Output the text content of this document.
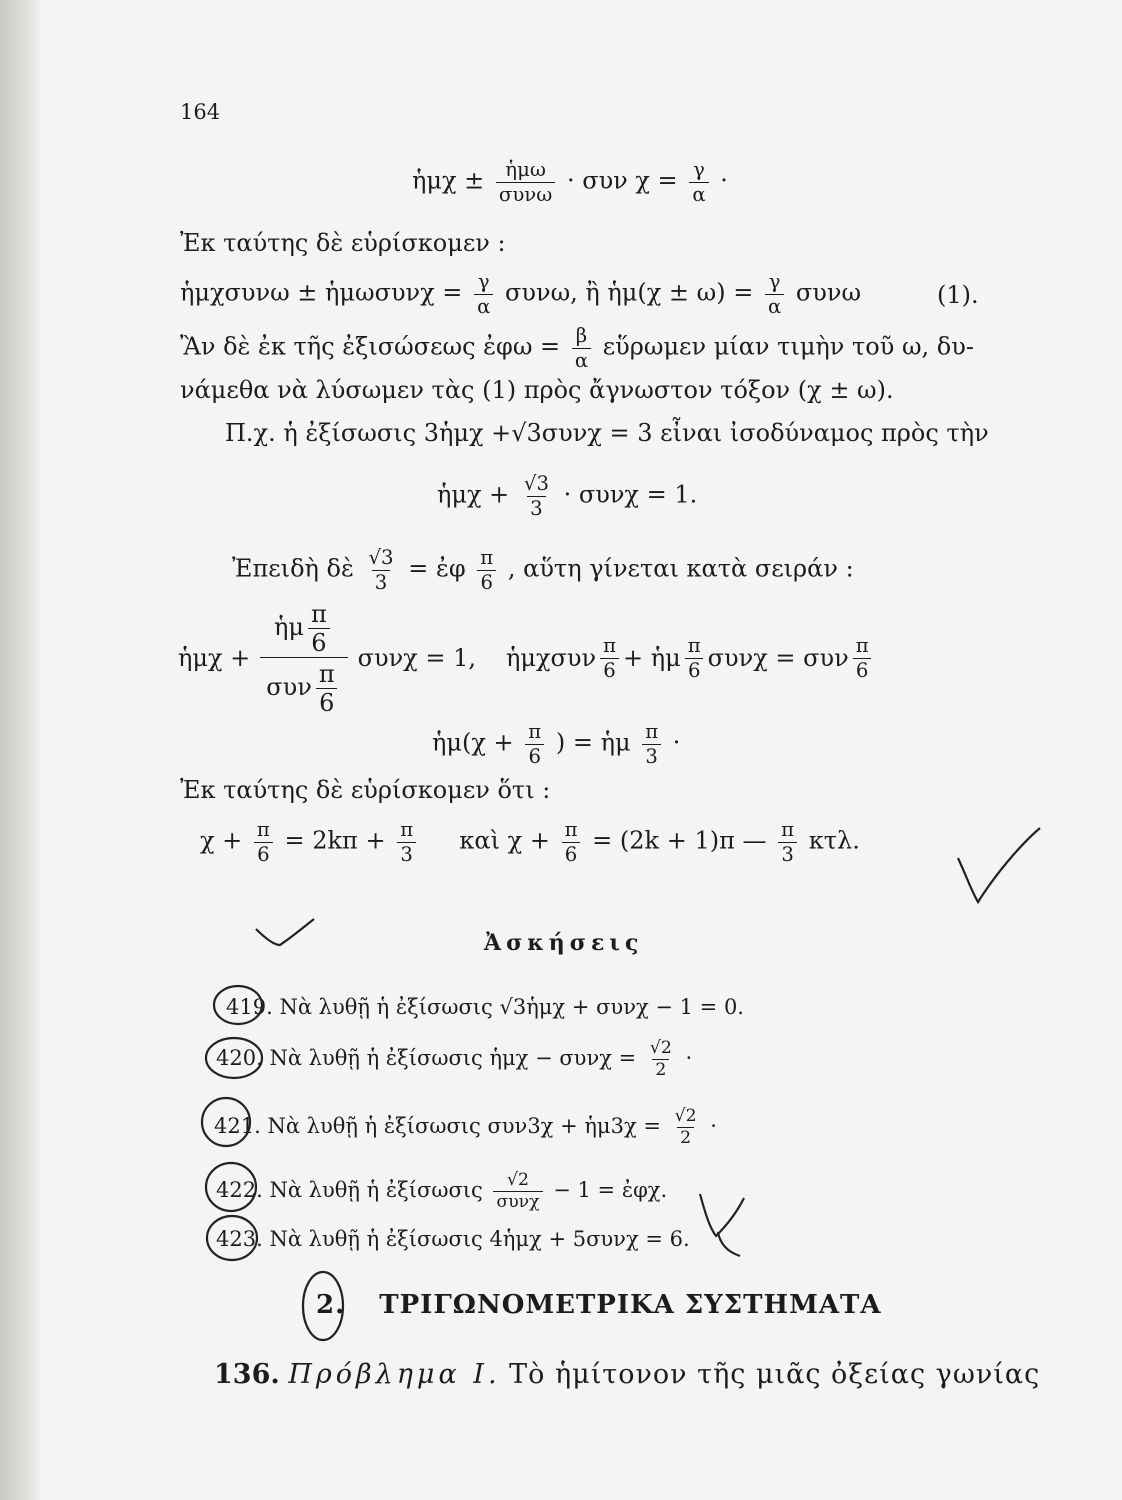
164
ἡμχ ± $\frac{\text{ἡμω}}{\text{συνω}} \cdot \sigma\upsilon\nu$ $\chi = \frac{\gamma}{\alpha}$ ·
Ἐκ ταύτης δὲ εὑρίσκομεν :
ἡμχσυνω ± ἡμωσυνχ = $\frac{\gamma}{\alpha} \sigma\upsilon\nu\omega$, ἢ ἡμ(χ ± $\omega) = \frac{\gamma}{\alpha}$ συνω	(1).
Ἂν δὲ ἐκ τῆς ἐξισώσεως ἐφω = $\frac{\beta}{\alpha}$ εὕρωμεν μίαν τιμὴν τοῦ ω, δυ-
νάμεθα νὰ λύσωμεν τὰς (1) πρὸς ἄγνωστον τόξον (χ ± ω).
Π.χ. ἡ ἐξίσωσις 3ἡμχ +√3συνχ = 3 εἶναι ἰσοδύναμος πρὸς τὴν
ἡμχ + $\frac{√3}{3} \cdot \sigma\upsilon\nu\chi = 1$.
Ἐπειδὴ δὲ $\frac{√3}{3}$ = ἐφ $\frac{\pi}{6}$ , αὕτη γίνεται κατὰ σειράν :
ἡμχ + $\frac{ἡ\mu \frac{\pi}{6}}{\sigma\upsilon\nu \frac{\pi}{6}}$ συνχ = 1, ἡμχσυν $\frac{\pi}{6}$ + ἡμ $\frac{\pi}{6}$ συνχ = συν $\frac{\pi}{6}$
ἡμ(χ + $\frac{\pi}{6}$ ) = ἡμ $\frac{\pi}{3}$ ·
Ἐκ ταύτης δὲ εὑρίσκομεν ὅτι :
$\chi + \frac{\pi}{6} = 2k\pi + \frac{\pi}{3}$ καὶ $\chi + \frac{\pi}{6} = (2k + 1)\pi$ — $\frac{\pi}{3} \kappa\tau\lambda$.
Ἀσκήσεις
419. Νὰ λυθῇ ἡ ἐξίσωσις √3ἡμχ + συνχ − 1 = 0.
420. Νὰ λυθῇ ἡ ἐξίσωσις ἡμχ − $\sigma\upsilon\nu\chi = \frac{√2}{2}$ ·
421. Νὰ λυθῇ ἡ ἐξίσωσις συν3χ + ἡμ3χ = $\frac{√2}{2}$ ·
422. Νὰ λυθῇ ἡ ἐξίσωσις $\frac{√2}{\text{συνχ}} - 1$ = ἐφχ.
423. Νὰ λυθῇ ἡ ἐξίσωσις 4ἡμχ + 5συνχ = 6.
2. ΤΡΙΓΩΝΟΜΕΤΡΙΚΑ ΣΥΣΤΗΜΑΤΑ
136. Πρόβλημα Ι. Τὸ ἡμίτονον τῆς μιᾶς ὀξείας γωνίας
